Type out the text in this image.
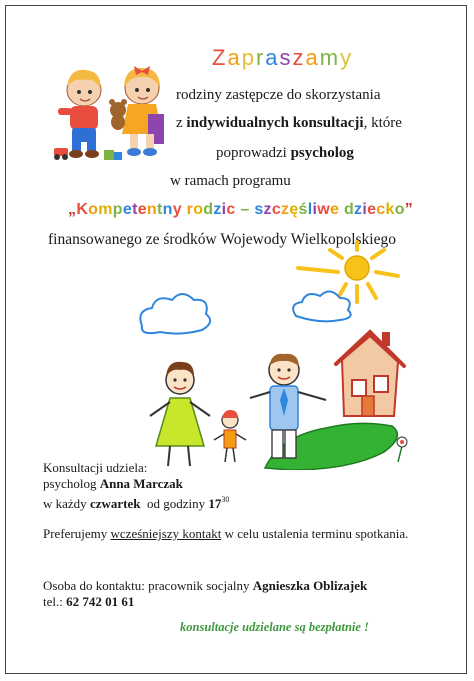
Zapraszamy
rodziny zastępcze do skorzystania
z indywidualnych konsultacji, które
poprowadzi psycholog
w ramach programu
„Kompetentny rodzic – szczęśliwe dziecko”
finansowanego ze środków Wojewody Wielkopolskiego
Konsultacji udziela:
psycholog Anna Marczak
w każdy czwartek  od godziny $17^{30}$
Preferujemy wcześniejszy kontakt w celu ustalenia terminu spotkania.
Osoba do kontaktu: pracownik socjalny Agnieszka Oblizajek
tel.: 62 742 01 61
konsultacje udzielane są bezpłatnie !
